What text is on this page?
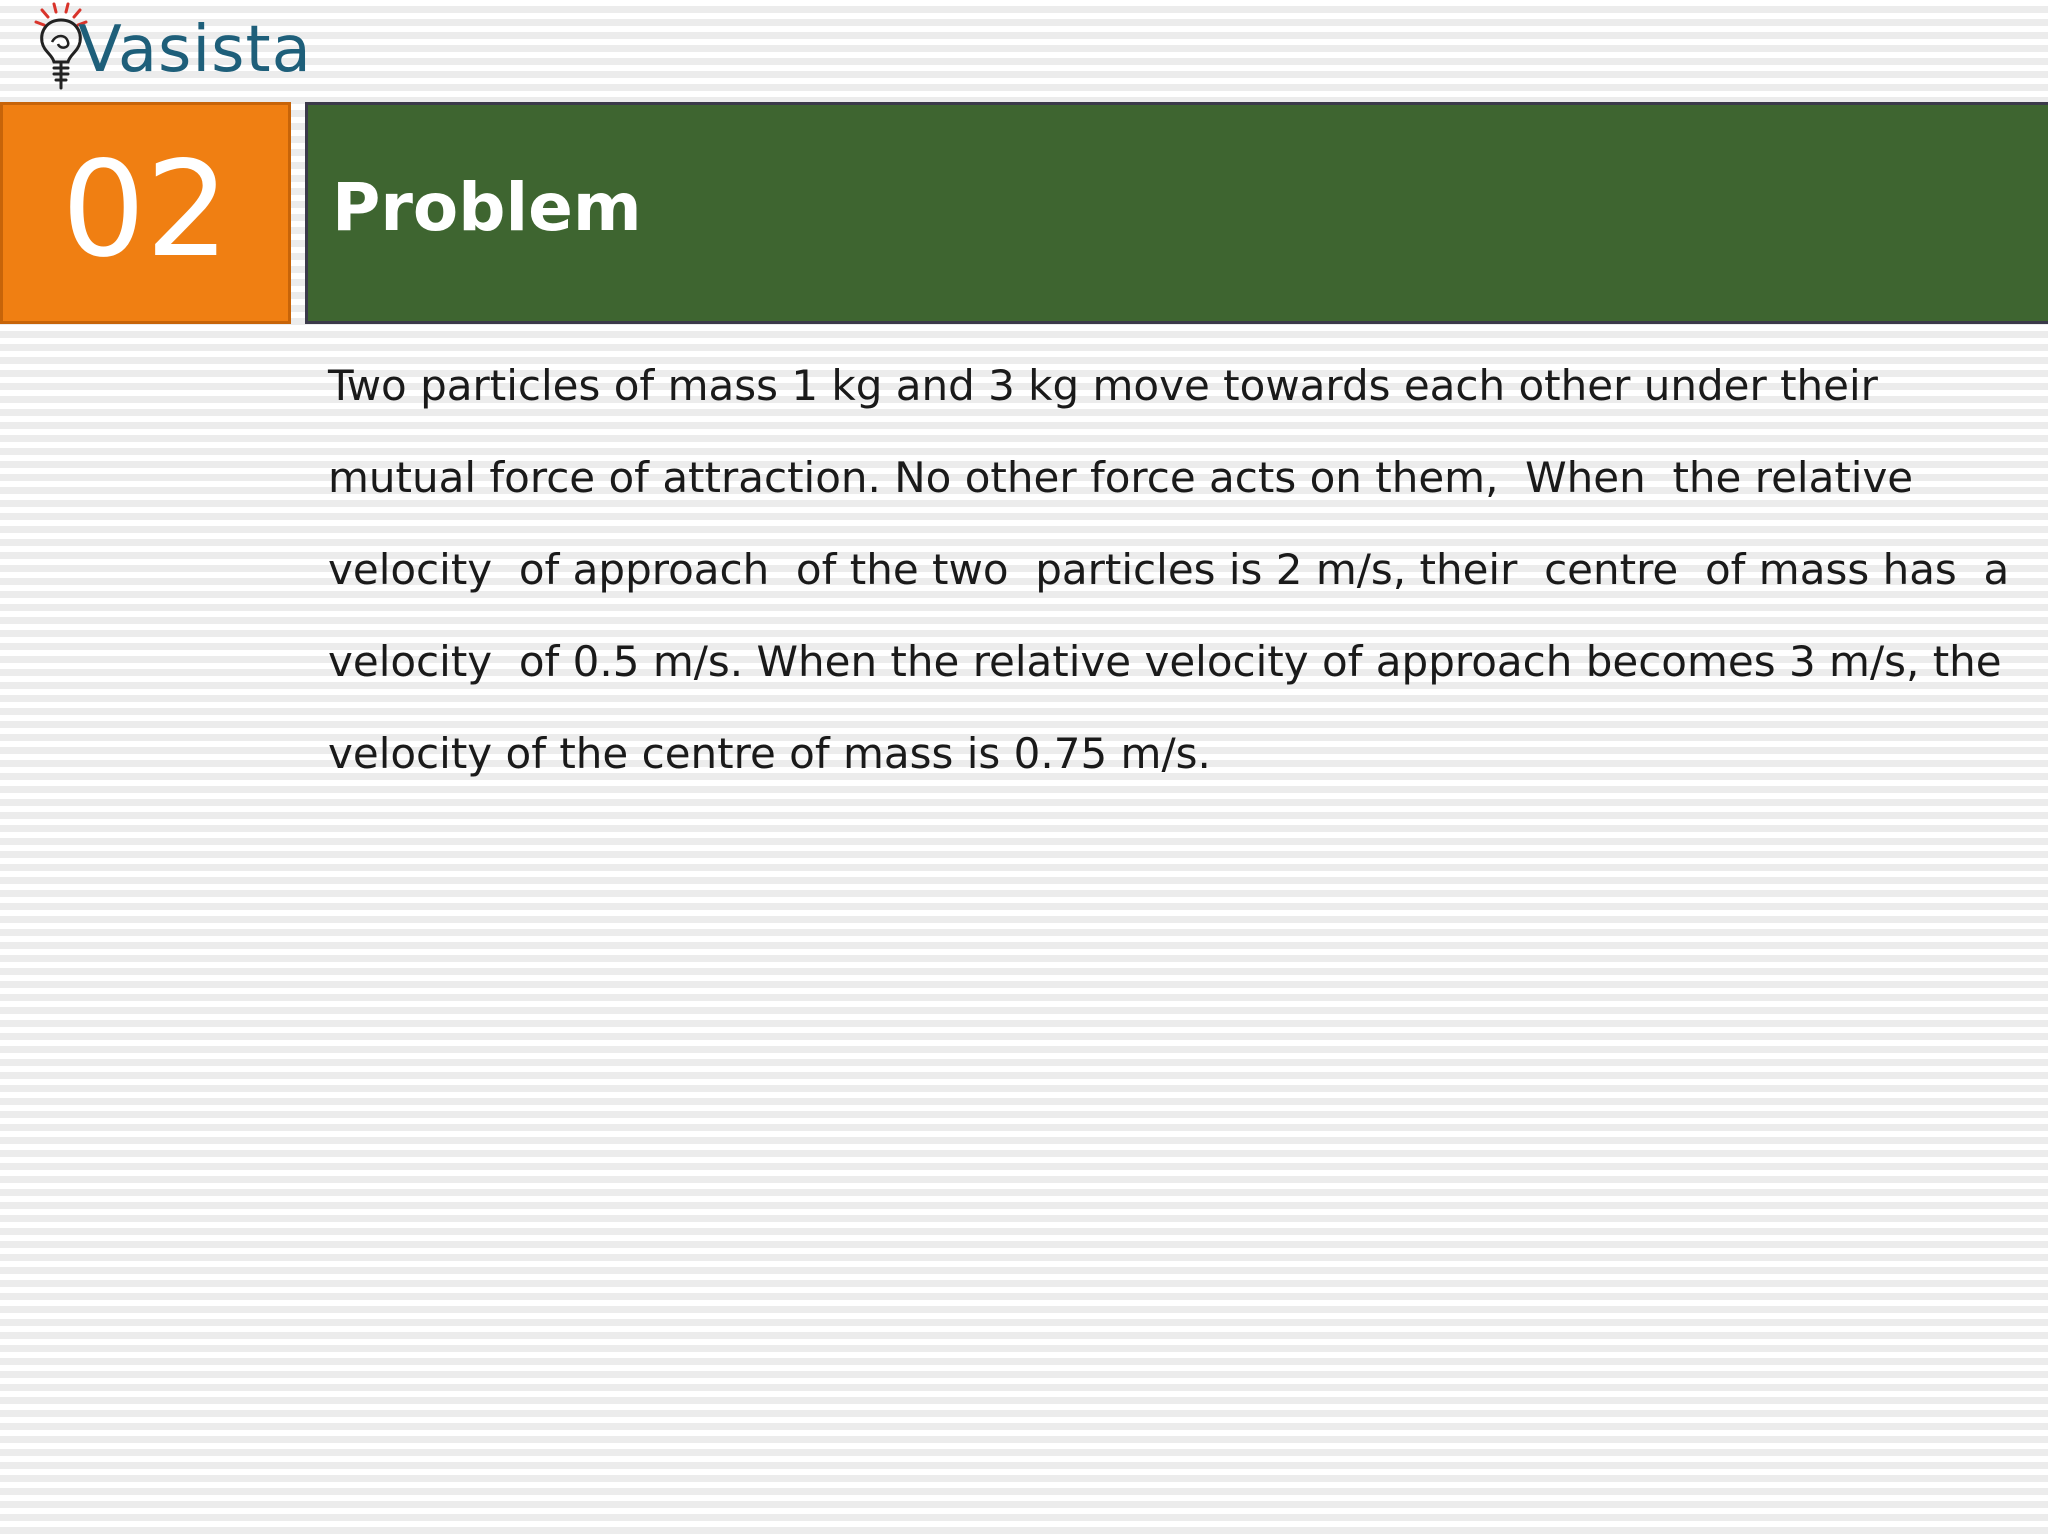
Vasista
02 Problem
Two particles of mass 1 kg and 3 kg move towards each other under their
mutual force of attraction. No other force acts on them,  When  the relative
velocity  of approach  of the two  particles is 2 m/s, their  centre  of mass has  a
velocity  of 0.5 m/s. When the relative velocity of approach becomes 3 m/s, the
velocity of the centre of mass is 0.75 m/s.
